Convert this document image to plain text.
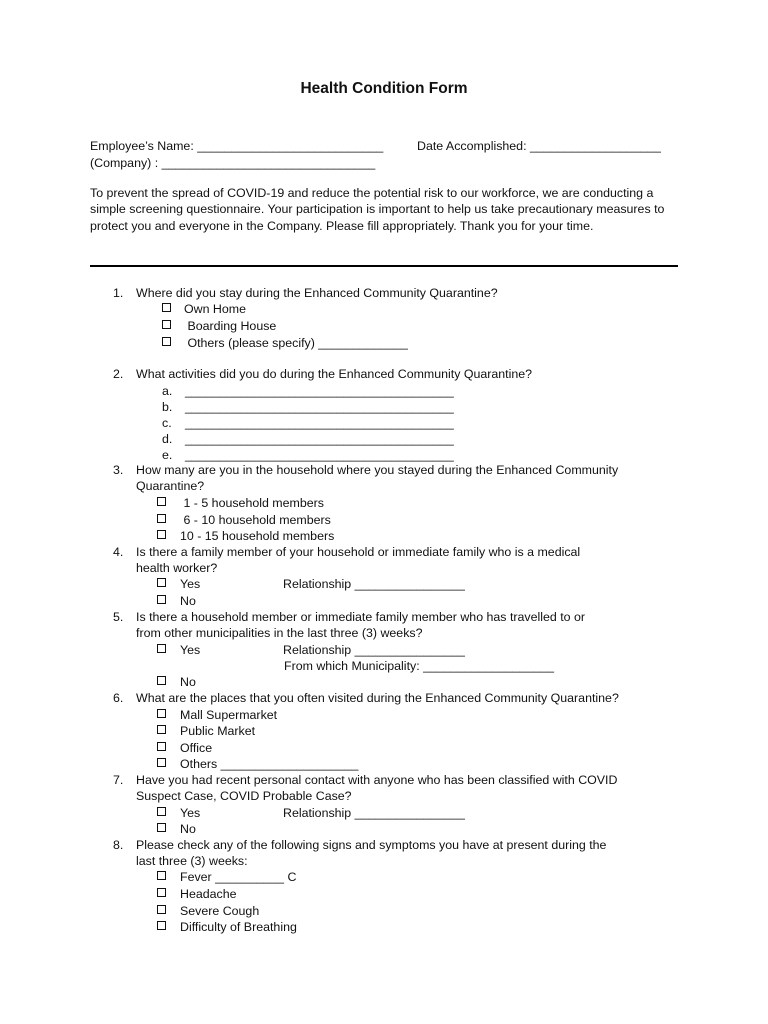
Health Condition Form
Employee’s Name: ___________________________	Date Accomplished: ___________________
(Company) : _______________________________
To prevent the spread of COVID-19 and reduce the potential risk to our workforce, we are conducting a simple screening questionnaire. Your participation is important to help us take precautionary measures to protect you and everyone in the Company. Please fill appropriately. Thank you for your time.
1. Where did you stay during the Enhanced Community Quarantine?
Own Home
Boarding House
Others (please specify) _____________
2. What activities did you do during the Enhanced Community Quarantine?
a. _______________________________________
b. _______________________________________
c. _______________________________________
d. _______________________________________
e. _______________________________________
3. How many are you in the household where you stayed during the Enhanced Community
Quarantine?
1 - 5 household members
6 - 10 household members
10 - 15 household members
4. Is there a family member of your household or immediate family who is a medical
health worker?
Yes	Relationship ________________
No
5. Is there a household member or immediate family member who has travelled to or
from other municipalities in the last three (3) weeks?
Yes	Relationship ________________
From which Municipality: ___________________
No
6. What are the places that you often visited during the Enhanced Community Quarantine?
Mall Supermarket
Public Market
Office
Others ____________________
7. Have you had recent personal contact with anyone who has been classified with COVID
Suspect Case, COVID Probable Case?
Yes	Relationship ________________
No
8. Please check any of the following signs and symptoms you have at present during the
last three (3) weeks:
Fever __________ C
Headache
Severe Cough
Difficulty of Breathing
